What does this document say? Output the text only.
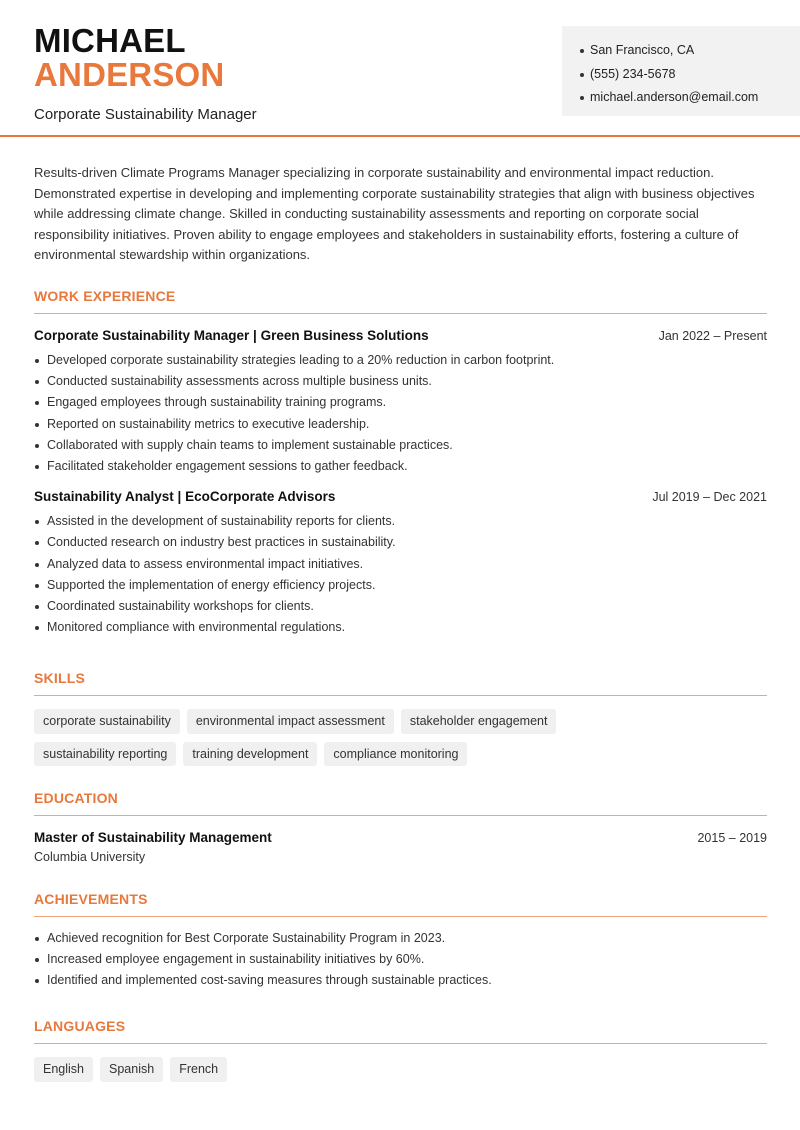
MICHAEL
ANDERSON
Corporate Sustainability Manager
San Francisco, CA
(555) 234-5678
michael.anderson@email.com

Results-driven Climate Programs Manager specializing in corporate sustainability and environmental impact reduction. Demonstrated expertise in developing and implementing corporate sustainability strategies that align with business objectives while addressing climate change. Skilled in conducting sustainability assessments and reporting on corporate social responsibility initiatives. Proven ability to engage employees and stakeholders in sustainability efforts, fostering a culture of environmental stewardship within organizations.

WORK EXPERIENCE
Corporate Sustainability Manager | Green Business Solutions	Jan 2022 – Present
Developed corporate sustainability strategies leading to a 20% reduction in carbon footprint.
Conducted sustainability assessments across multiple business units.
Engaged employees through sustainability training programs.
Reported on sustainability metrics to executive leadership.
Collaborated with supply chain teams to implement sustainable practices.
Facilitated stakeholder engagement sessions to gather feedback.
Sustainability Analyst | EcoCorporate Advisors	Jul 2019 – Dec 2021
Assisted in the development of sustainability reports for clients.
Conducted research on industry best practices in sustainability.
Analyzed data to assess environmental impact initiatives.
Supported the implementation of energy efficiency projects.
Coordinated sustainability workshops for clients.
Monitored compliance with environmental regulations.
SKILLS
corporate sustainability	environmental impact assessment	stakeholder engagement
sustainability reporting	training development	compliance monitoring
EDUCATION
Master of Sustainability Management	2015 – 2019
Columbia University
ACHIEVEMENTS
Achieved recognition for Best Corporate Sustainability Program in 2023.
Increased employee engagement in sustainability initiatives by 60%.
Identified and implemented cost-saving measures through sustainable practices.
LANGUAGES
English	Spanish	French
